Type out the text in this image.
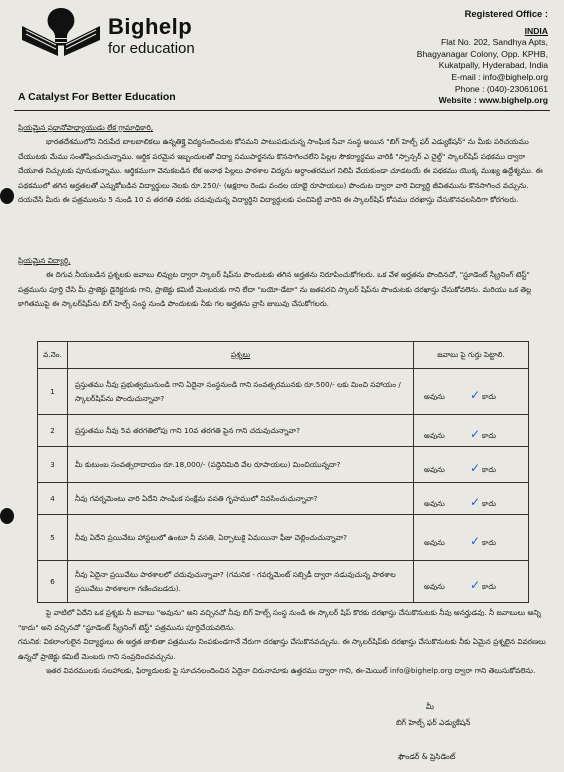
Bighelp
for education
A Catalyst For Better Education
Registered Office :
INDIA
Flat No. 202, Sandhya Apts,
Bhagyanagar Colony, Opp. KPHB,
Kukatpally, Hyderabad, India
E-mail : info@bighelp.org
Phone : (040)-23061061
Website : www.bighelp.org
ప్రియమైన ప్రధానోపాధ్యాయుడు లేక గ్రామాధికారి,
భారతదేశములోని నిరుపేద బాలబాలికలు ఉన్నతిక్తై విద్యనందించుట కోసమని పాటుపడుచున్న సాంఘిక సేవా సంస్థ అయిన "బిగ్ హెల్ప్ ఫర్ ఎడ్యుకేషన్" ను మీకు పరిచయము చేయుటకు మేము సంతోషించుచున్నాము. ఆర్థిక పరమైన ఇబ్బందులతో విద్యా సముపార్జనను కొనసాగించలేని పిల్లల సౌకర్యార్థము వారికి "స్పాన్సర్ ఎ చైల్డ్" స్కాలర్‌షిప్ పథకము ద్వారా చేయూత నిచ్చుటకు పూనుకున్నాము. ఆర్థికముగా వెనుకబడిన లేక అనాథ పిల్లలు పాఠశాల విద్యను అర్ధాంతరముగ నిలిపి వేయకుండా చూడటయే ఈ పథకము యొక్క ముఖ్య ఉద్దేశ్యము. ఈ పథకములో తగిన అర్హతలతో ఎన్నుకోబడిన విద్యార్థులు నెలకు రూ.250/- (అక్షరాల రెండు వందల యాభై రూపాయలు) పొందుట ద్వారా వారి విద్యార్థి జీవితమును కొనసాగించ వచ్చును. దయచేసి మీరు ఈ పత్రములను 5 నుండి 10 వ తరగతి వరకు చదువుచున్న విద్యార్థిని విద్యార్థులకు పంచిపెట్టి వారిని ఈ స్కాలర్‌షిప్ కోసము దరఖాస్తు చేసుకొనవలసిదిగా కోరగలరు.
ప్రియమైన విద్యార్థి,
ఈ దిగువ నీయబడిన ప్రశ్నలకు జవాబు లివ్వుట ద్వారా స్కాలర్ షిప్‌ను పొందుటకు తగిన అర్హతను నిరూపించుకోగలరు. ఒక వేళ అర్హతను పొందినచో, "స్టూడెంట్ స్క్రీనింగ్ టెస్ట్" పత్రమును పూర్తి చేసి మీ ప్రాజెక్టు డైరెక్టరుకు గాని, ప్రాజెక్టు కమిటీ మెంబరుకు గాని లేదా "బయో-డేటా" ను జతపరచి స్కాలర్ షిప్‌ను పొందుటకు దరఖాస్తు చేసుకోవలెను. మరియు ఒక తెల్ల కాగితముపై ఈ స్కాలర్‌షిప్‌ను బిగ్ హెల్ప్ సంస్థ నుండి పొందుటకు నీకు గల అర్హతను వ్రాసి జుబువు చేసుకోగలరు.
వ.నెం.	ప్రశ్నలు	జవాబు పై గుర్తు పెట్టాలి.
1	ప్రస్తుతము నీవు ప్రభుత్వమునుండి గాని ఏదైనా సంస్థనుండి గాని సంవత్సరమునకు రూ.500/- లకు మించి సహాయం / స్కాలర్‌షిప్‌ను పొందుచున్నావా?	అవును ✓ కాదు

2	ప్రస్తుతము నీవు 5వ తరగతిలోపు గాని 10వ తరగతి పైన గాని చదువుచున్నావా?	అవును ✓ కాదు

3	మీ కుటుంబ సంవత్సరాదాయం రూ.18,000/- (పద్దెనిమిది వేల రూపాయలు) మించియున్నదా?	అవును ✓ కాదు

4	నీవు గవర్నమెంటు వారి ఏదేని సాంఘిక సంక్షేమ వసతి గృహములో నివసించుచున్నావా?	అవును ✓ కాదు

5	నీవు ఏదేని ప్రయివేటు హాస్టలులో ఉంటూ నీ వసతి, ఏర్పాటుకై ఏమయినా ఫీజు చెల్లించుచున్నావా?	అవును ✓ కాదు

6	నీవు ఏదైనా ప్రయివేటు పాఠశాలలో చదువుచున్నావా? (గమనిక - గవర్నమెంట్ సబ్సిడీ ద్వారా నడువుచున్న పాఠశాల ప్రయివేటు పాఠశాలగా గణించబడదు).	అవును ✓ కాదు
పై వాటిలో ఏదేని ఒక ప్రశ్నకు నీ జవాబు "అవును" అని వచ్చినచో నీవు బిగ్ హెల్ప్ సంస్థ నుండి ఈ స్కాలర్ షిప్ కొరకు దరఖాస్తు చేసుకొనుటకు నీవు అనర్హుడవు. నీ జవాబులు అన్ని "కాదు" అని వచ్చినచో "స్టూడెంట్ స్క్రీనింగ్ టెస్ట్" పత్రమును పూర్తిచేయవలెను.
గమనిక: వికలాంగులైన విద్యార్థులు ఈ అర్హత జాబితా పత్రమును నింపకుండగానే నేరుగా దరఖాస్తు చేసుకొనవచ్చును. ఈ స్కాలర్‌షిప్‌కు దరఖాస్తు చేసుకొనుటకు నీకు ఏమైన ప్రశ్నలైన వివరణలు ఉన్నచో ప్రాజెక్టు కమిటీ మెంబరు గాని సంప్రదించవచ్చును.
ఇతర వివరములకు సలహాలకు, ఫిర్యాదులకు పై సూచనలందించిన ఏదైనా చిరునామాకు ఉత్తరము ద్వారా గాని, ఈ-మెయిల్ info@bighelp.org ద్వారా గాని తెలుసుకోవలెను.
మీ
బిగ్ హెల్ప్ ఫర్ ఎడ్యుకేషన్
ఫౌండర్ & ప్రెసిడెంట్
